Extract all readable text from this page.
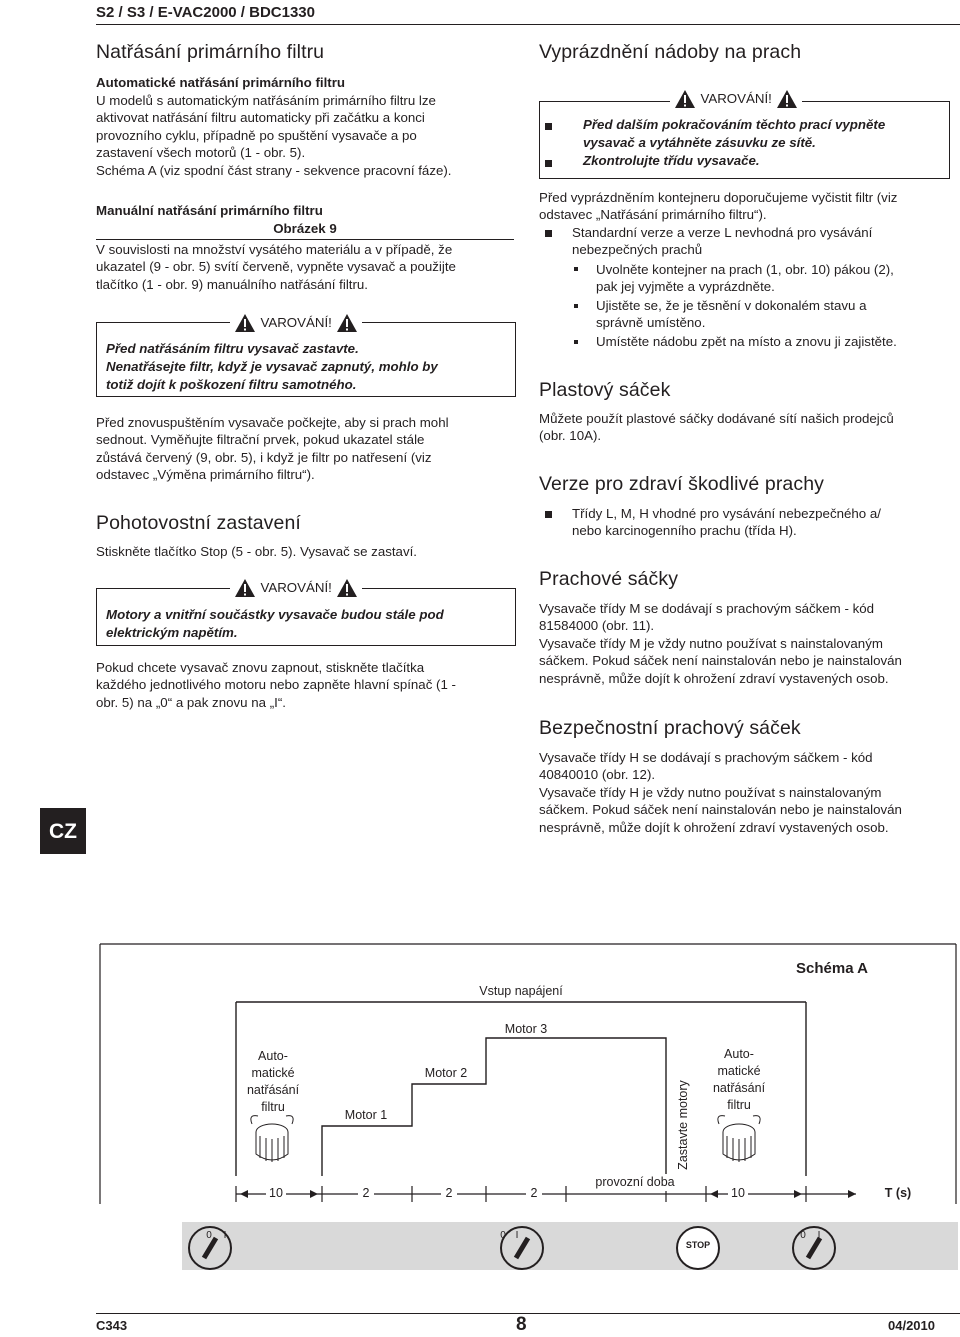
S2 / S3 / E-VAC2000 / BDC1330
Natřásání primárního filtru
Automatické natřásání primárního filtru
U modelů s automatickým natřásáním primárního filtru lze
aktivovat natřásání filtru automaticky při začátku a konci
provozního cyklu, případně po spuštění vysavače a po
zastavení všech motorů (1 - obr. 5).
Schéma A (viz spodní část strany - sekvence pracovní fáze).
Manuální natřásání primárního filtru
Obrázek 9
V souvislosti na množství vysátého materiálu a v případě, že
ukazatel (9 - obr. 5) svítí červeně, vypněte vysavač a použijte
tlačítko (1 - obr. 9) manuálního natřásání filtru.
VAROVÁNÍ!
Před natřásáním filtru vysavač zastavte.
Nenatřásejte filtr, když je vysavač zapnutý, mohlo by
totiž dojít k poškození filtru samotného.
Před znovuspuštěním vysavače počkejte, aby si prach mohl
sednout. Vyměňujte filtrační prvek, pokud ukazatel stále
zůstává červený (9, obr. 5), i když je filtr po natřesení (viz
odstavec „Výměna primárního filtru“).
Pohotovostní zastavení
Stiskněte tlačítko Stop (5 - obr. 5). Vysavač se zastaví.
VAROVÁNÍ!
Motory a vnitřní součástky vysavače budou stále pod
elektrickým napětím.
Pokud chcete vysavač znovu zapnout, stiskněte tlačítka
každého jednotlivého motoru nebo zapněte hlavní spínač (1 -
obr. 5) na „0“ a pak znovu na „I“.
Vyprázdnění nádoby na prach
VAROVÁNÍ!
Před dalším pokračováním těchto prací vypněte
vysavač a vytáhněte zásuvku ze sítě.
Zkontrolujte třídu vysavače.
Před vyprázdněním kontejneru doporučujeme vyčistit filtr (viz
odstavec „Natřásání primárního filtru“).
Standardní verze a verze L nevhodná pro vysávání
nebezpečných prachů
Uvolněte kontejner na prach (1, obr. 10) pákou (2),
pak jej vyjměte a vyprázdněte.
Ujistěte se, že je těsnění v dokonalém stavu a
správně umístěno.
Umístěte nádobu zpět na místo a znovu ji zajistěte.
Plastový sáček
Můžete použít plastové sáčky dodávané sítí našich prodejců
(obr. 10A).
Verze pro zdraví škodlivé prachy
Třídy L, M, H vhodné pro vysávání nebezpečného a/
nebo karcinogenního prachu (třída H).
Prachové sáčky
Vysavače třídy M se dodávají s prachovým sáčkem - kód
81584000 (obr. 11).
Vysavače třídy M je vždy nutno používat s nainstalovaným
sáčkem. Pokud sáček není nainstalován nebo je nainstalován
nesprávně, může dojít k ohrožení zdraví vystavených osob.
Bezpečnostní prachový sáček
Vysavače třídy H se dodávají s prachovým sáčkem - kód
40840010 (obr. 12).
Vysavače třídy H je vždy nutno používat s nainstalovaným
sáčkem. Pokud sáček není nainstalován nebo je nainstalován
nesprávně, může dojít k ohrožení zdraví vystavených osob.
CZ
Schéma A
Vstup napájení
Motor 3
Motor 2
Motor 1
Auto-matické natřásání filtru
Auto-matické natřásání filtru
Zastavte motory
10	2	2	2
provozní doba
10	T (s)
0	I	0 I
STOP
0	I
C343	8	04/2010
